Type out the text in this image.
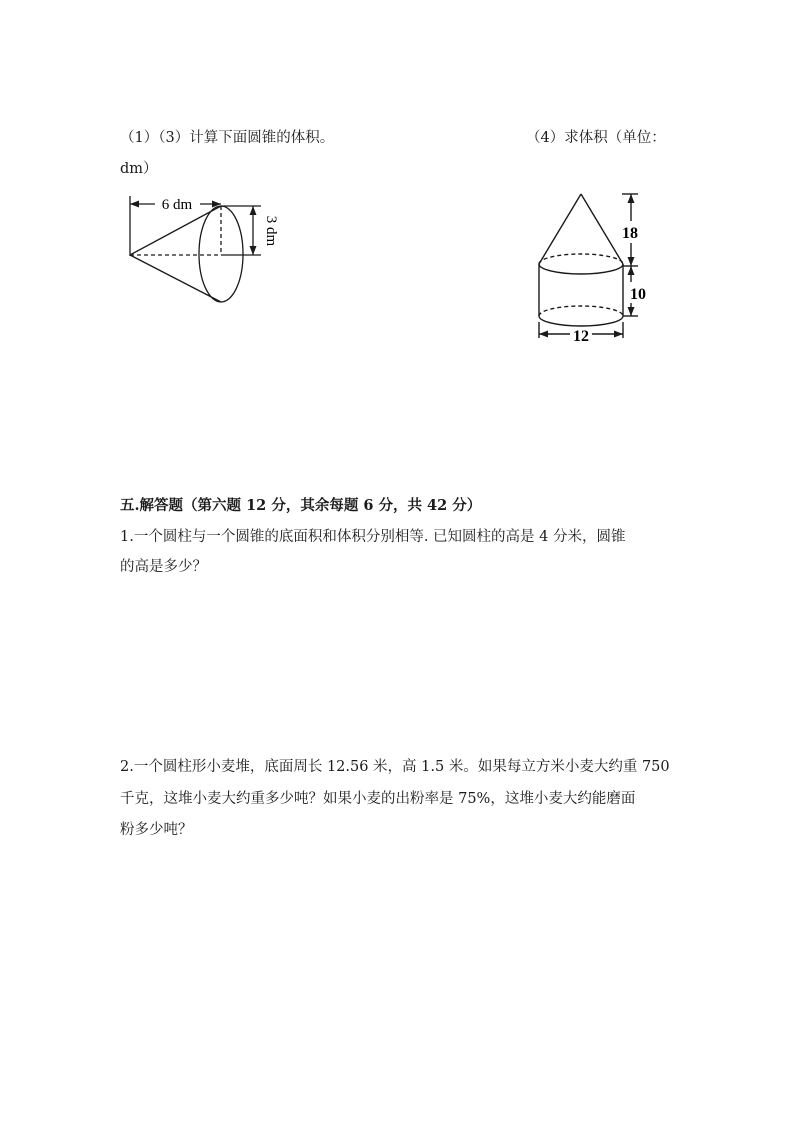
（1）（3）计算下面圆锥的体积。	（4）求体积（单位：
dm）
6 dm
3 dm	18
10
12
五.解答题（第六题 12 分，其余每题 6 分，共 42 分）
1.一个圆柱与一个圆锥的底面积和体积分别相等. 已知圆柱的高是 4 分米，圆锥
的高是多少？
2.一个圆柱形小麦堆，底面周长 12.56 米，高 1.5 米。如果每立方米小麦大约重 750
千克，这堆小麦大约重多少吨？如果小麦的出粉率是 75%，这堆小麦大约能磨面
粉多少吨？
